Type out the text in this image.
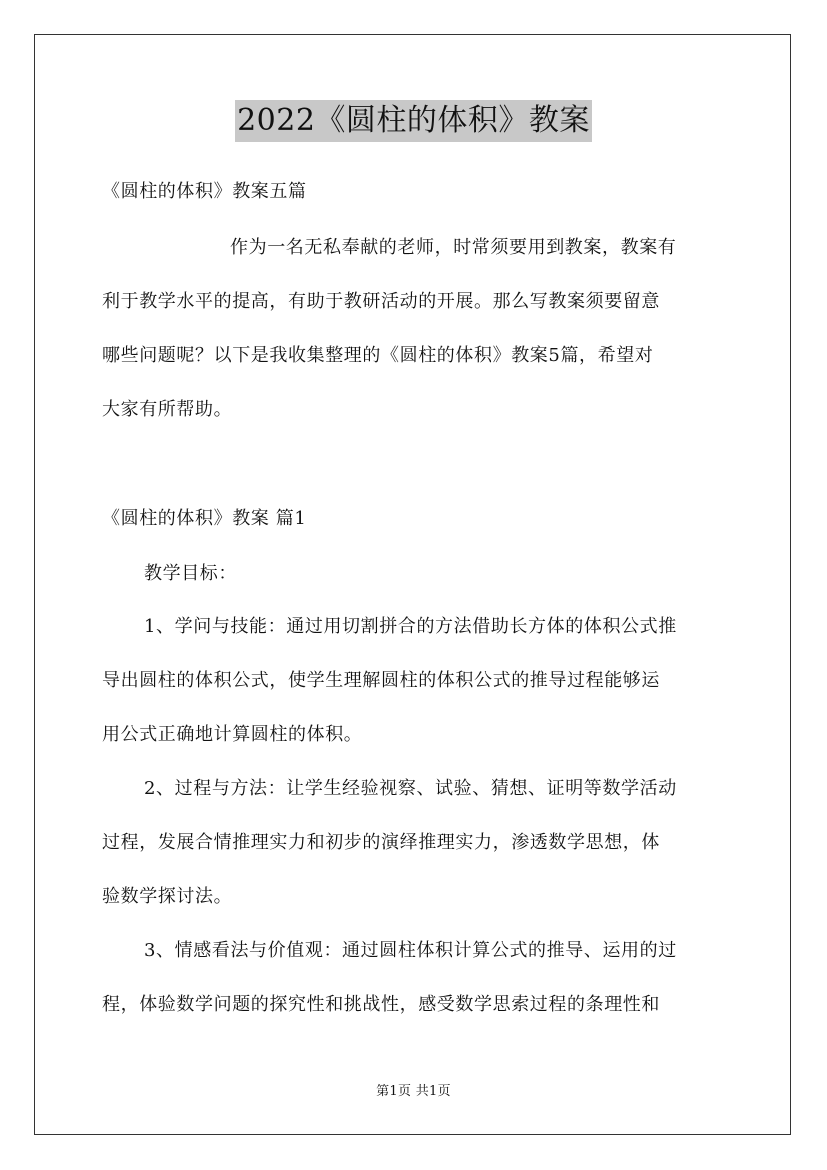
2022《圆柱的体积》教案

《圆柱的体积》教案五篇

作为一名无私奉献的老师，时常须要用到教案，教案有
利于教学水平的提高，有助于教研活动的开展。那么写教案须要留意
哪些问题呢？以下是我收集整理的《圆柱的体积》教案5篇，希望对
大家有所帮助。

《圆柱的体积》教案 篇1

教学目标：

1、学问与技能：通过用切割拼合的方法借助长方体的体积公式推
导出圆柱的体积公式，使学生理解圆柱的体积公式的推导过程能够运
用公式正确地计算圆柱的体积。
2、过程与方法：让学生经验视察、试验、猜想、证明等数学活动
过程，发展合情推理实力和初步的演绎推理实力，渗透数学思想，体
验数学探讨法。
3、情感看法与价值观：通过圆柱体积计算公式的推导、运用的过
程，体验数学问题的探究性和挑战性，感受数学思索过程的条理性和
第1页 共1页
